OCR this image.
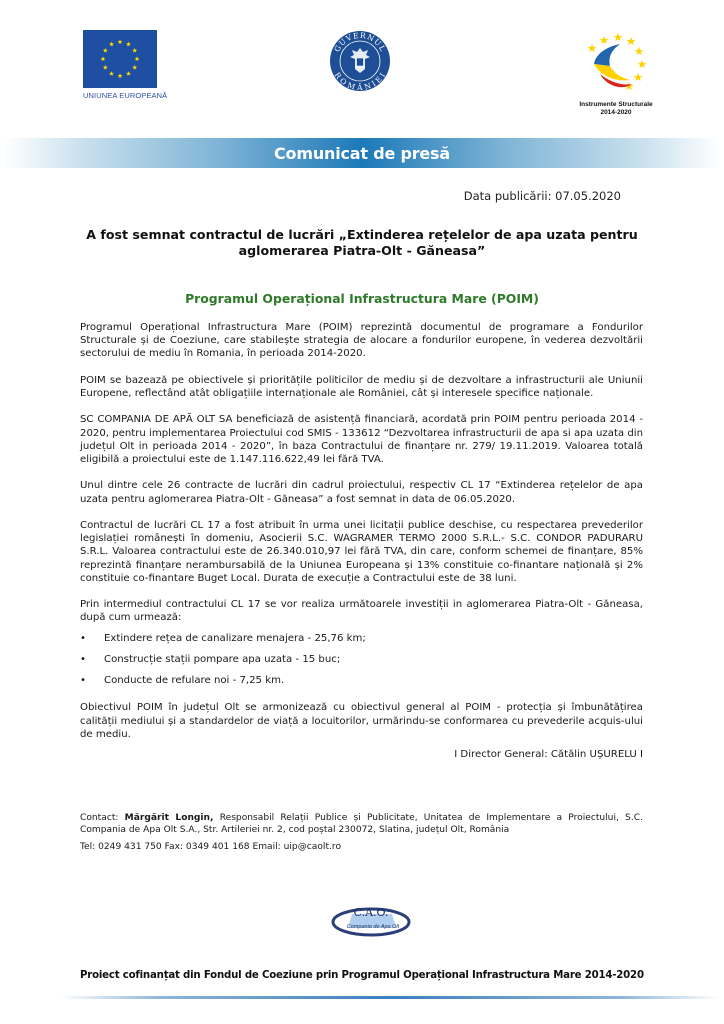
UNIUNEA EUROPEANĂ
GUVERNUL
ROMÂNIEI
Instrumente Structurale
2014-2020
Comunicat de presă
Data publicării: 07.05.2020
A fost semnat contractul de lucrări „Extinderea rețelelor de apa uzata pentru
aglomerarea Piatra-Olt - Găneasa”
Programul Operațional Infrastructura Mare (POIM)

Programul Operațional Infrastructura Mare (POIM) reprezintă documentul de programare a Fondurilor Structurale și de Coeziune, care stabilește strategia de alocare a fondurilor europene, în vederea dezvoltării sectorului de mediu în Romania, în perioada 2014-2020.

POIM se bazează pe obiectivele și prioritățile politicilor de mediu și de dezvoltare a infrastructurii ale Uniunii Europene, reflectând atât obligațiile internaționale ale României, cât și interesele specifice naționale.

SC COMPANIA DE APĂ OLT SA beneficiază de asistență financiară, acordată prin POIM pentru perioada 2014 - 2020, pentru implementarea Proiectului cod SMIS - 133612 “Dezvoltarea infrastructurii de apa si apa uzata din județul Olt in perioada 2014 - 2020”, în baza Contractului de finanțare nr. 279/ 19.11.2019. Valoarea totală eligibilă a proiectului este de 1.147.116.622,49 lei fără TVA.

Unul dintre cele 26 contracte de lucrări din cadrul proiectului, respectiv CL 17 “Extinderea rețelelor de apa uzata pentru aglomerarea Piatra-Olt - Găneasa” a fost semnat in data de 06.05.2020.

Contractul de lucrări CL 17 a fost atribuit în urma unei licitații publice deschise, cu respectarea prevederilor legislației românești în domeniu, Asocierii S.C. WAGRAMER TERMO 2000 S.R.L.- S.C. CONDOR PADURARU S.R.L. Valoarea contractului este de 26.340.010,97 lei fără TVA, din care, conform schemei de finanțare, 85% reprezintă finanțare nerambursabilă de la Uniunea Europeana și 13% constituie co-finantare națională și 2% constituie co-finantare Buget Local. Durata de execuție a Contractului este de 38 luni.

Prin intermediul contractului CL 17 se vor realiza următoarele investiții in aglomerarea Piatra-Olt - Găneasa, după cum urmează:

• Extindere rețea de canalizare menajera - 25,76 km;
• Construcție stații pompare apa uzata - 15 buc;
• Conducte de refulare noi - 7,25 km.

Obiectivul POIM în județul Olt se armonizează cu obiectivul general al POIM - protecția și îmbunătățirea calității mediului și a standardelor de viață a locuitorilor, urmărindu-se conformarea cu prevederile acquis-ului de mediu.

I Director General: Cătălin UȘURELU I

Contact: Mărgărit Longin, Responsabil Relații Publice și Publicitate, Unitatea de Implementare a Proiectului, S.C. Compania de Apa Olt S.A., Str. Artileriei nr. 2, cod poștal 230072, Slatina, județul Olt, România

Tel: 0249 431 750 Fax: 0349 401 168 Email: uip@caolt.ro

C.A.O.
Compania de Apa Olt
Proiect cofinanțat din Fondul de Coeziune prin Programul Operațional Infrastructura Mare 2014-2020
